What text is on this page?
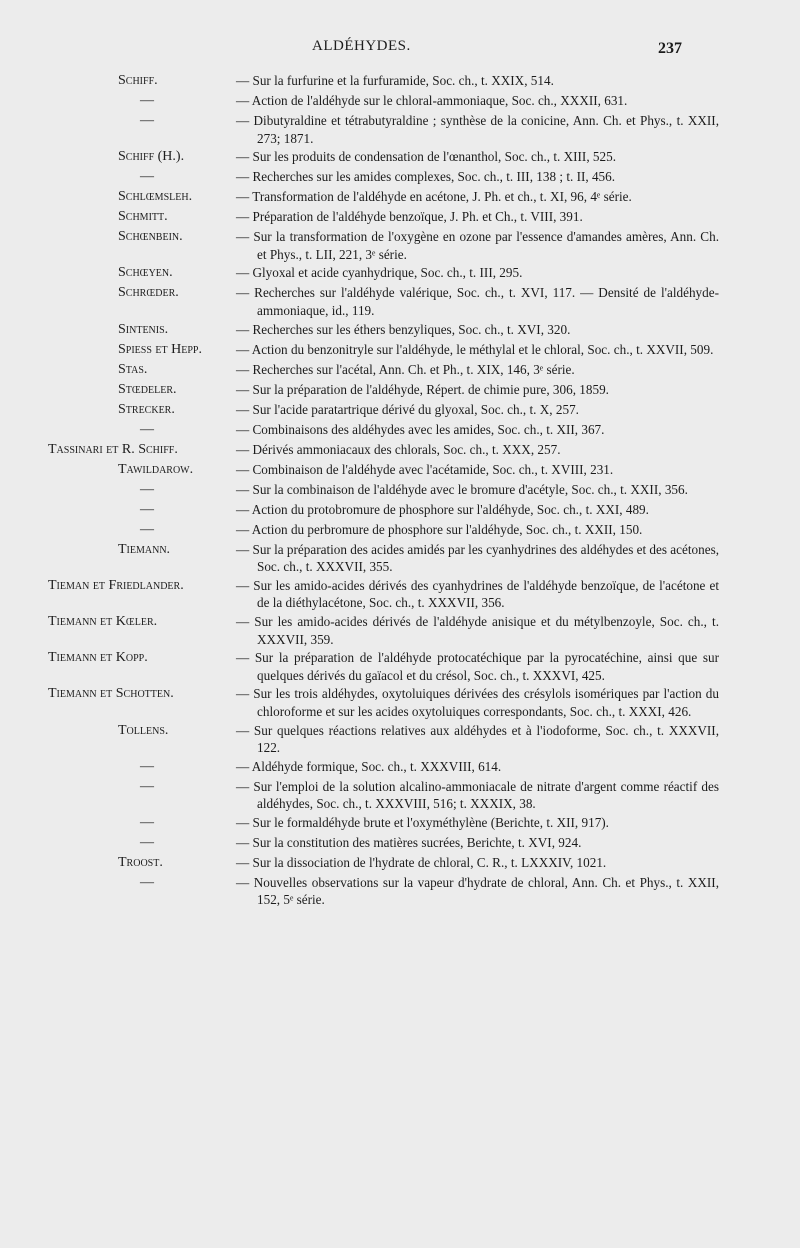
ALDÉHYDES.	237
Schiff.	— Sur la furfurine et la furfuramide, Soc. ch., t. XXIX, 514.
—	— Action de l'aldéhyde sur le chloral-ammoniaque, Soc. ch., XXXII, 631.
—	— Dibutyraldine et tétrabutyraldine ; synthèse de la conicine, Ann. Ch. et Phys., t. XXII, 273; 1871.
Schiff (H.).	— Sur les produits de condensation de l'œnanthol, Soc. ch., t. XIII, 525.
—	— Recherches sur les amides complexes, Soc. ch., t. III, 138 ; t. II, 456.
Schlœmsleh.	— Transformation de l'aldéhyde en acétone, J. Ph. et ch., t. XI, 96, 4ᵉ série.
Schmitt.	— Préparation de l'aldéhyde benzoïque, J. Ph. et Ch., t. VIII, 391.
Schœnbein.	— Sur la transformation de l'oxygène en ozone par l'essence d'amandes amères, Ann. Ch. et Phys., t. LII, 221, 3ᵉ série.
Schœyen.	— Glyoxal et acide cyanhydrique, Soc. ch., t. III, 295.
Schrœder.	— Recherches sur l'aldéhyde valérique, Soc. ch., t. XVI, 117. — Densité de l'aldéhyde-ammoniaque, id., 119.
Sintenis.	— Recherches sur les éthers benzyliques, Soc. ch., t. XVI, 320.
Spiess et Hepp.	— Action du benzonitryle sur l'aldéhyde, le méthylal et le chloral, Soc. ch., t. XXVII, 509.
Stas.	— Recherches sur l'acétal, Ann. Ch. et Ph., t. XIX, 146, 3ᵉ série.
Stœdeler.	— Sur la préparation de l'aldéhyde, Répert. de chimie pure, 306, 1859.
Strecker.	— Sur l'acide paratartrique dérivé du glyoxal, Soc. ch., t. X, 257.
—	— Combinaisons des aldéhydes avec les amides, Soc. ch., t. XII, 367.
Tassinari et R. Schiff.	— Dérivés ammoniacaux des chlorals, Soc. ch., t. XXX, 257.
Tawildarow.	— Combinaison de l'aldéhyde avec l'acétamide, Soc. ch., t. XVIII, 231.
—	— Sur la combinaison de l'aldéhyde avec le bromure d'acétyle, Soc. ch., t. XXII, 356.
—	— Action du protobromure de phosphore sur l'aldéhyde, Soc. ch., t. XXI, 489.
—	— Action du perbromure de phosphore sur l'aldéhyde, Soc. ch., t. XXII, 150.
Tiemann.	— Sur la préparation des acides amidés par les cyanhydrines des aldéhydes et des acétones, Soc. ch., t. XXXVII, 355.
Tieman et Friedlander.	— Sur les amido-acides dérivés des cyanhydrines de l'aldéhyde benzoïque, de l'acétone et de la diéthylacétone, Soc. ch., t. XXXVII, 356.
Tiemann et Kœler.	— Sur les amido-acides dérivés de l'aldéhyde anisique et du métylbenzoyle, Soc. ch., t. XXXVII, 359.
Tiemann et Kopp.	— Sur la préparation de l'aldéhyde protocatéchique par la pyrocatéchine, ainsi que sur quelques dérivés du gaïacol et du crésol, Soc. ch., t. XXXVI, 425.
Tiemann et Schotten.	— Sur les trois aldéhydes, oxytoluiques dérivées des crésylols isomériques par l'action du chloroforme et sur les acides oxytoluiques correspondants, Soc. ch., t. XXXI, 426.
Tollens.	— Sur quelques réactions relatives aux aldéhydes et à l'iodoforme, Soc. ch., t. XXXVII, 122.
—	— Aldéhyde formique, Soc. ch., t. XXXVIII, 614.
—	— Sur l'emploi de la solution alcalino-ammoniacale de nitrate d'argent comme réactif des aldéhydes, Soc. ch., t. XXXVIII, 516; t. XXXIX, 38.
—	— Sur le formaldéhyde brute et l'oxyméthylène (Berichte, t. XII, 917).
—	— Sur la constitution des matières sucrées, Berichte, t. XVI, 924.
Troost.	— Sur la dissociation de l'hydrate de chloral, C. R., t. LXXXIV, 1021.
—	— Nouvelles observations sur la vapeur d'hydrate de chloral, Ann. Ch. et Phys., t. XXII, 152, 5ᵉ série.
